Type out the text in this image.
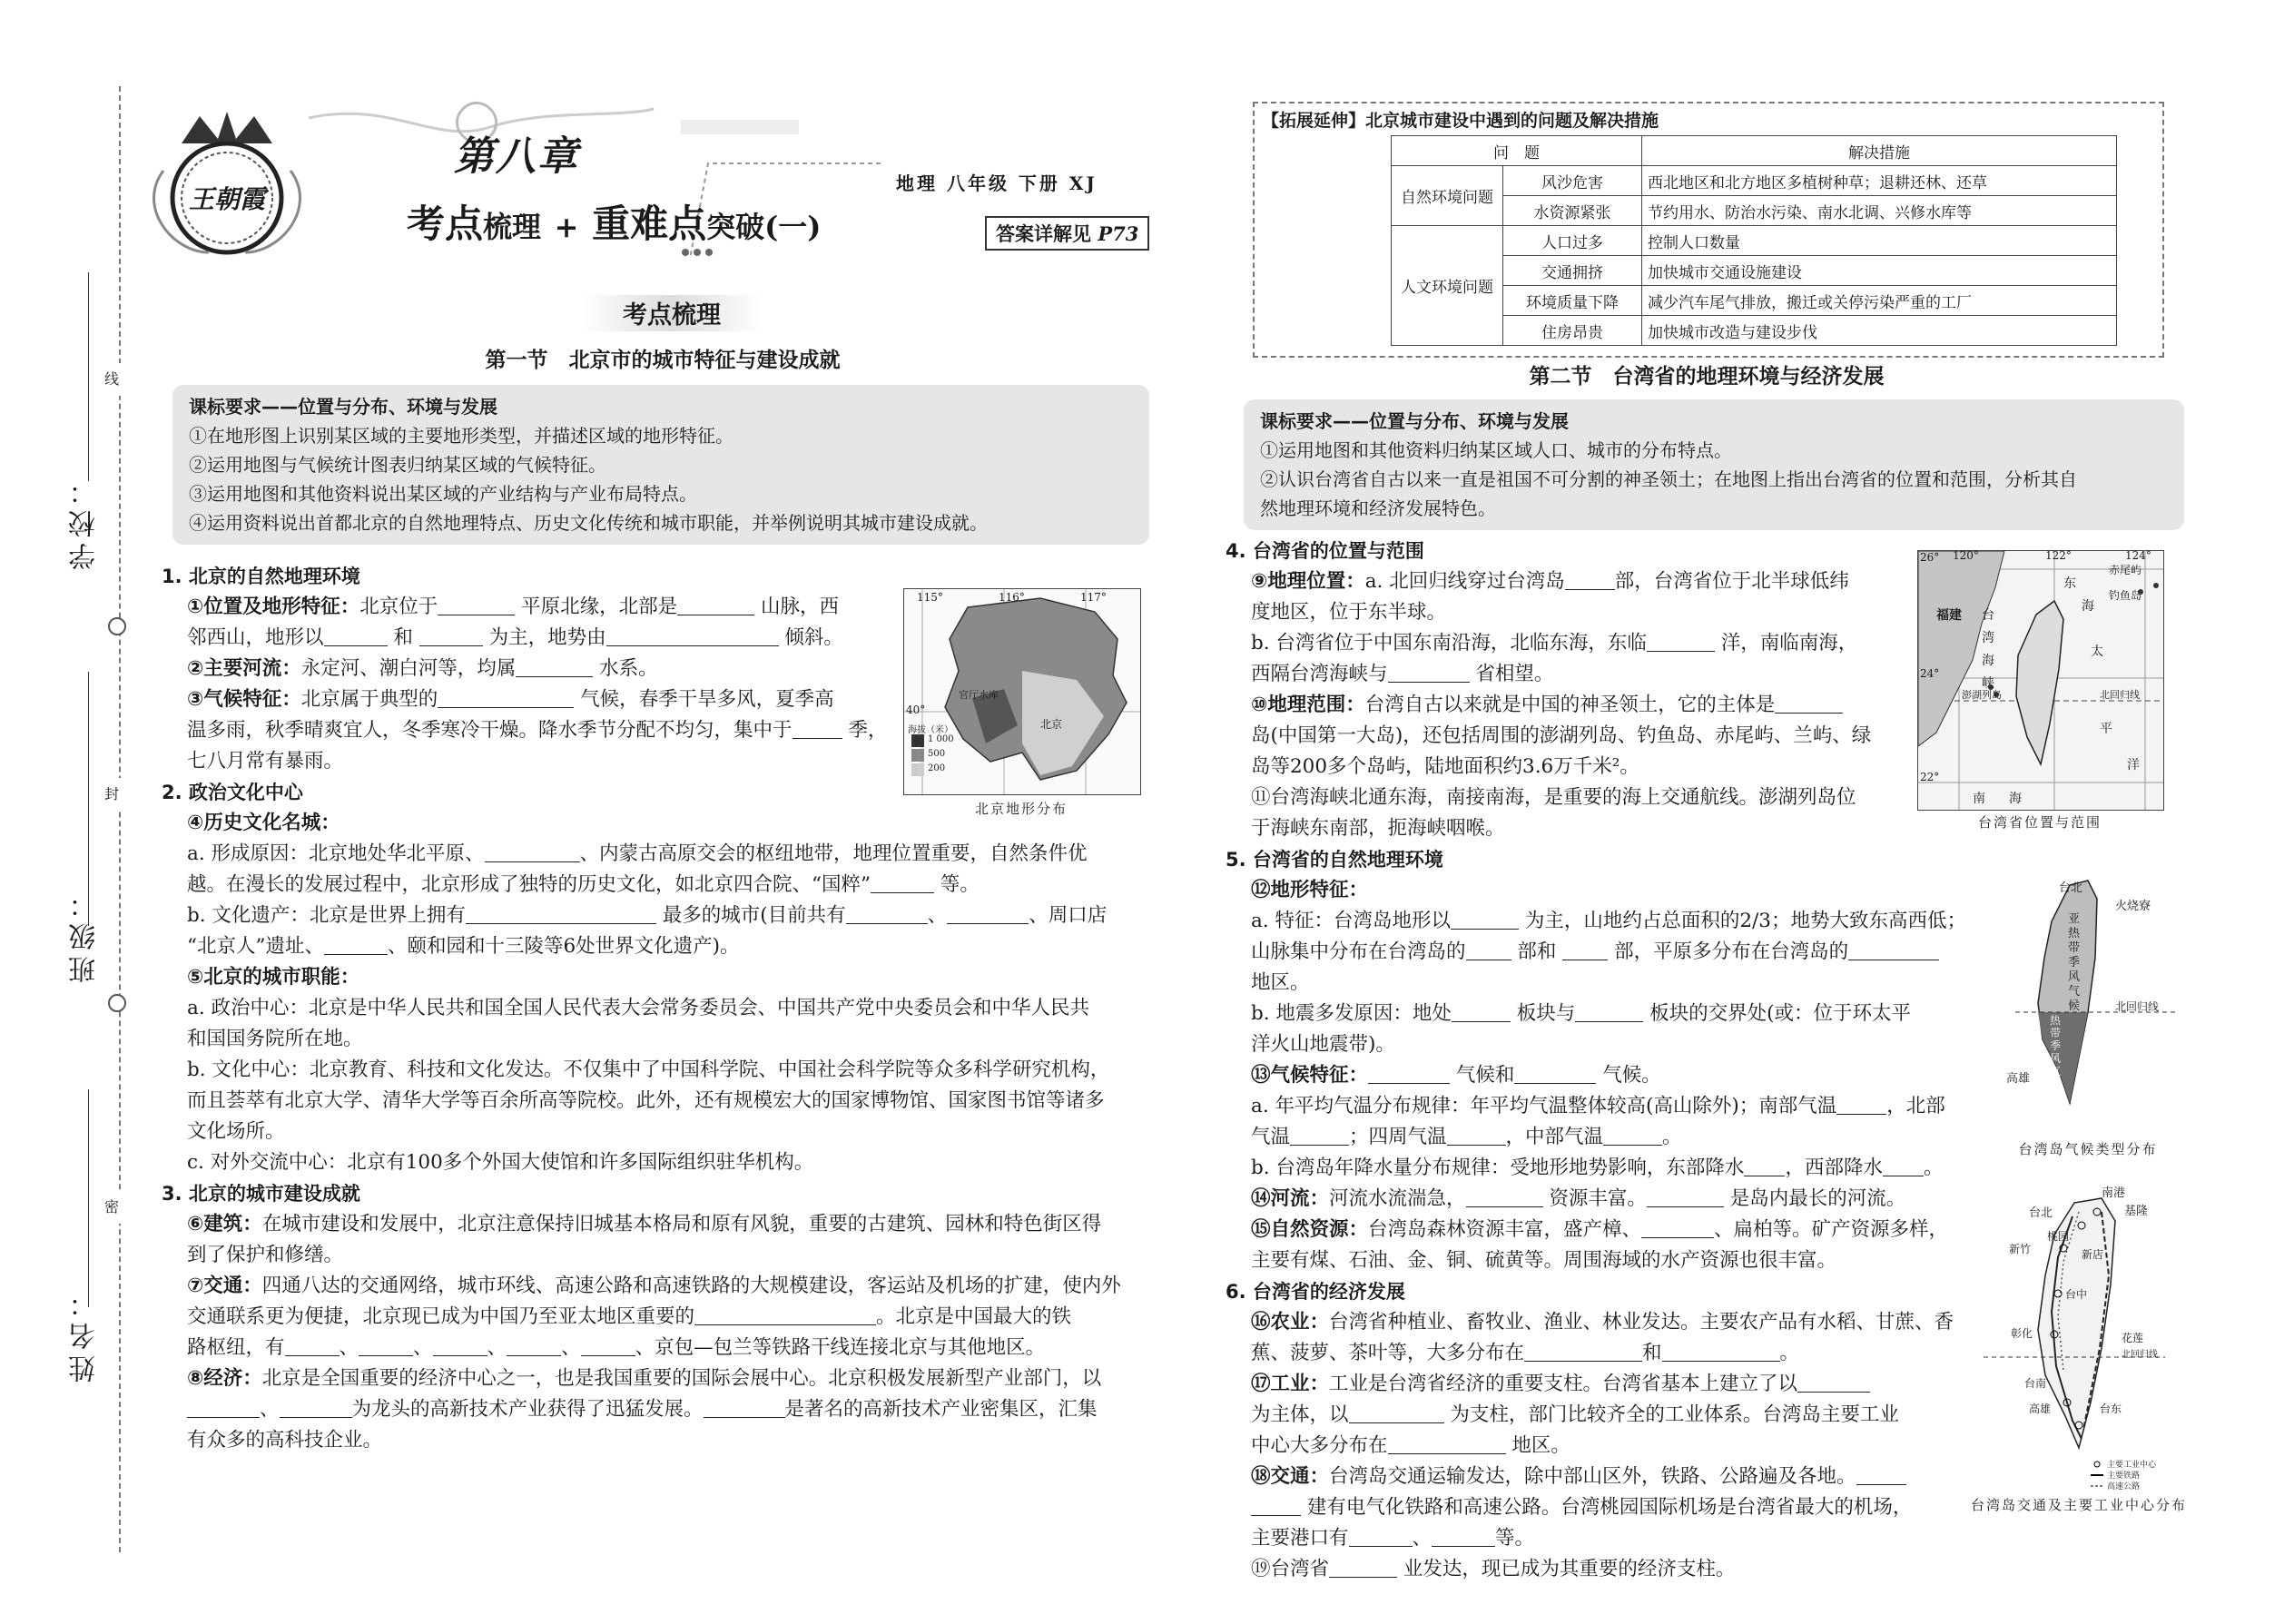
学校：
班级：
姓名：
线
封
密
王朝霞
第八章
地理 八年级 下册 XJ
考点梳理 + 重难点突破(一)	答案详解见 P73
考点梳理
第一节　北京市的城市特征与建设成就
课标要求——位置与分布、环境与发展
①在地形图上识别某区域的主要地形类型，并描述区域的地形特征。
②运用地图与气候统计图表归纳某区域的气候特征。
③运用地图和其他资料说出某区域的产业结构与产业布局特点。
④运用资料说出首都北京的自然地理特点、历史文化传统和城市职能，并举例说明其城市建设成就。

1. 北京的自然地理环境

①位置及地形特征：北京位于	平原北缘，北部是	山脉，西

邻西山，地形以	和	为主，地势由	倾斜。

②主要河流：永定河、潮白河等，均属	水系。

③气候特征：北京属于典型的	气候，春季干旱多风，夏季高

温多雨，秋季晴爽宜人，冬季寒冷干燥。降水季节分配不均匀，集中于	季，

七八月常有暴雨。

2. 政治文化中心

④历史文化名城：

a. 形成原因：北京地处华北平原、	、内蒙古高原交会的枢纽地带，地理位置重要，自然条件优

越。在漫长的发展过程中，北京形成了独特的历史文化，如北京四合院、“国粹”	等。

b. 文化遗产：北京是世界上拥有	最多的城市(目前共有	、	、周口店

“北京人”遗址、	、颐和园和十三陵等6处世界文化遗产)。

⑤北京的城市职能：

a. 政治中心：北京是中华人民共和国全国人民代表大会常务委员会、中国共产党中央委员会和中华人民共

和国国务院所在地。

b. 文化中心：北京教育、科技和文化发达。不仅集中了中国科学院、中国社会科学院等众多科学研究机构，

而且荟萃有北京大学、清华大学等百余所高等院校。此外，还有规模宏大的国家博物馆、国家图书馆等诸多

文化场所。

c. 对外交流中心：北京有100多个外国大使馆和许多国际组织驻华机构。

3. 北京的城市建设成就

⑥建筑：在城市建设和发展中，北京注意保持旧城基本格局和原有风貌，重要的古建筑、园林和特色街区得

到了保护和修缮。

⑦交通：四通八达的交通网络，城市环线、高速公路和高速铁路的大规模建设，客运站及机场的扩建，使内外

交通联系更为便捷，北京现已成为中国乃至亚太地区重要的	。北京是中国最大的铁

路枢纽，有	、	、	、	、	、京包—包兰等铁路干线连接北京与其他地区。

⑧经济：北京是全国重要的经济中心之一，也是我国重要的国际会展中心。北京积极发展新型产业部门，以

、	为龙头的高新技术产业获得了迅猛发展。	是著名的高新技术产业密集区，汇集

有众多的高科技企业。

115°	116°	117°
40°
官厅水库
北京
海拔（米）
1 000
500
200
北京地形分布
【拓展延伸】北京城市建设中遇到的问题及解决措施
问　题		解决措施
自然环境问题	风沙危害	西北地区和北方地区多植树种草；退耕还林、还草
	水资源紧张	节约用水、防治水污染、南水北调、兴修水库等
人文环境问题	人口过多	控制人口数量
	交通拥挤	加快城市交通设施建设
	环境质量下降	减少汽车尾气排放，搬迁或关停污染严重的工厂
	住房昂贵	加快城市改造与建设步伐
第二节　台湾省的地理环境与经济发展
课标要求——位置与分布、环境与发展
①运用地图和其他资料归纳某区域人口、城市的分布特点。
②认识台湾省自古以来一直是祖国不可分割的神圣领土；在地图上指出台湾省的位置和范围，分析其自
然地理环境和经济发展特色。

4. 台湾省的位置与范围

⑨地理位置：a. 北回归线穿过台湾岛	部，台湾省位于北半球低纬

度地区，位于东半球。

b. 台湾省位于中国东南沿海，北临东海，东临	洋，南临南海，

西隔台湾海峡与	省相望。

⑩地理范围：台湾自古以来就是中国的神圣领土，它的主体是

岛(中国第一大岛)，还包括周围的澎湖列岛、钓鱼岛、赤尾屿、兰屿、绿

岛等200多个岛屿，陆地面积约3.6万千米²。

⑪台湾海峡北通东海，南接南海，是重要的海上交通航线。澎湖列岛位

于海峡东南部，扼海峡咽喉。

5. 台湾省的自然地理环境

⑫地形特征：

a. 特征：台湾岛地形以	为主，山地约占总面积的2/3；地势大致东高西低；

山脉集中分布在台湾岛的	部和	部，平原多分布在台湾岛的

地区。

b. 地震多发原因：地处	板块与	板块的交界处(或：位于环太平

洋火山地震带)。

⑬气候特征：	气候和	气候。

a. 年平均气温分布规律：年平均气温整体较高(高山除外)；南部气温	，北部

气温	；四周气温	，中部气温	。

b. 台湾岛年降水量分布规律：受地形地势影响，东部降水 ，西部降水 。

⑭河流：河流水流湍急，	资源丰富。	是岛内最长的河流。

⑮自然资源：台湾岛森林资源丰富，盛产樟、	、扁柏等。矿产资源多样，

主要有煤、石油、金、铜、硫黄等。周围海域的水产资源也很丰富。

6. 台湾省的经济发展

⑯农业：台湾省种植业、畜牧业、渔业、林业发达。主要农产品有水稻、甘蔗、香

蕉、菠萝、茶叶等，大多分布在	和	。

⑰工业：工业是台湾省经济的重要支柱。台湾省基本上建立了以

为主体，以	为支柱，部门比较齐全的工业体系。台湾岛主要工业

中心大多分布在	地区。

⑱交通：台湾岛交通运输发达，除中部山区外，铁路、公路遍及各地。

建有电气化铁路和高速公路。台湾桃园国际机场是台湾省最大的机场，

主要港口有	、	等。

⑲台湾省	业发达，现已成为其重要的经济支柱。

26° 120°	122°	124°
赤尾屿
钓鱼岛
福建 台
湾
海
峡
东
海
太
平
洋
24°
澎湖列岛	北回归线
22°
南 海
台湾省位置与范围
台北
火烧寮
亚热带季风气候	北回归线
热带季风气候
高雄
台湾岛气候类型分布
南港
基隆
台北
桃园
新竹	新店
台中
彰化	花莲
北回归线
台南
高雄	台东
主要工业中心
主要铁路
高速公路
台湾岛交通及主要工业中心分布
